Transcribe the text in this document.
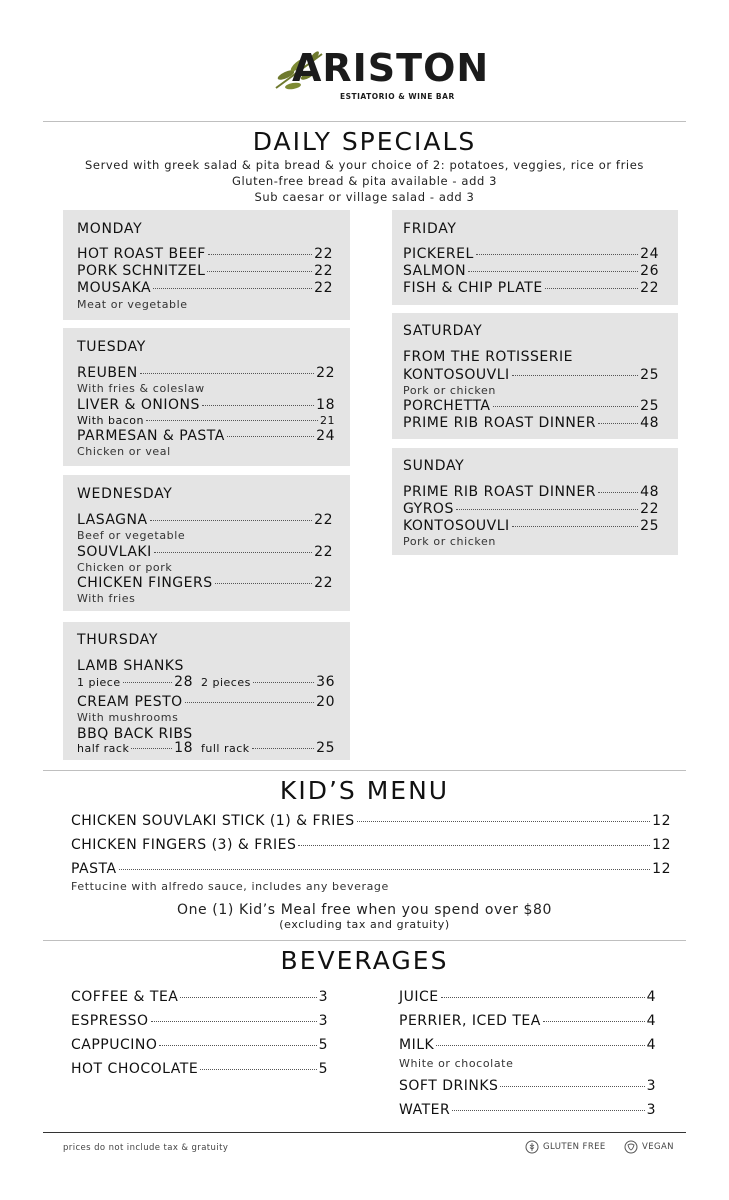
ARISTON
ESTIATORIO & WINE BAR
DAILY SPECIALS
Served with greek salad & pita bread & your choice of 2: potatoes, veggies, rice or fries
Gluten-free bread & pita available - add 3
Sub caesar or village salad - add 3
MONDAY
HOT ROAST BEEF	22
PORK SCHNITZEL	22
MOUSAKA	22
Meat or vegetable
TUESDAY
REUBEN	22
With fries & coleslaw
LIVER & ONIONS	18
With bacon	21
PARMESAN & PASTA	24
Chicken or veal
WEDNESDAY
LASAGNA	22
Beef or vegetable
SOUVLAKI	22
Chicken or pork
CHICKEN FINGERS	22
With fries
THURSDAY
LAMB SHANKS
1 piece	28 2 pieces	36
CREAM PESTO	20
With mushrooms
BBQ BACK RIBS
half rack	18 full rack	25
FRIDAY
PICKEREL	24
SALMON	26
FISH & CHIP PLATE	22
SATURDAY
FROM THE ROTISSERIE
KONTOSOUVLI	25
Pork or chicken
PORCHETTA	25
PRIME RIB ROAST DINNER	48
SUNDAY
PRIME RIB ROAST DINNER	48
GYROS	22
KONTOSOUVLI	25
Pork or chicken
KID’S MENU
CHICKEN SOUVLAKI STICK (1) & FRIES	12
CHICKEN FINGERS (3) & FRIES	12
PASTA	12
Fettucine with alfredo sauce, includes any beverage
One (1) Kid’s Meal free when you spend over $80
(excluding tax and gratuity)
BEVERAGES
COFFEE & TEA	3
ESPRESSO	3
CAPPUCINO	5
HOT CHOCOLATE	5
JUICE	4
PERRIER, ICED TEA	4
MILK	4
White or chocolate
SOFT DRINKS	3
WATER	3
prices do not include tax & gratuity	GLUTEN FREE	VEGAN
